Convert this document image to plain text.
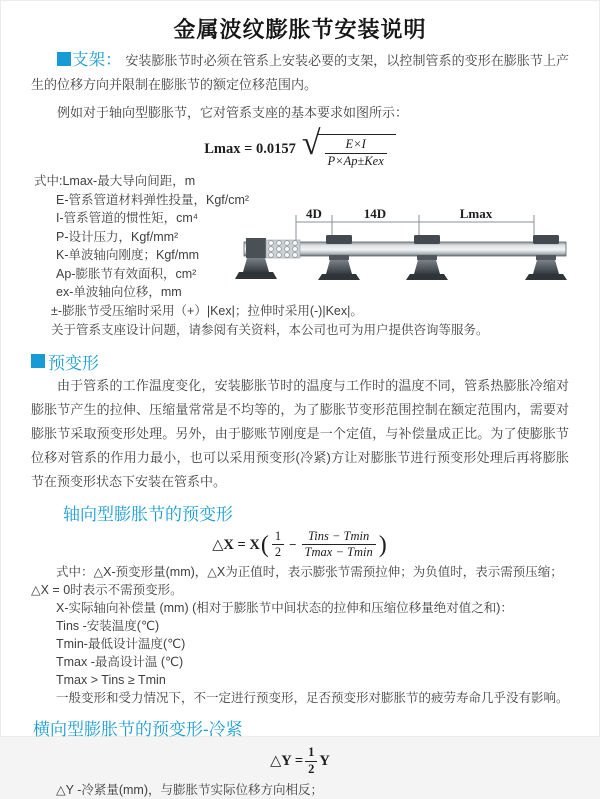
金属波纹膨胀节安装说明

支架： 安装膨胀节时必须在管系上安装必要的支架，以控制管系的变形在膨胀节上产生的位移方向并限制在膨胀节的额定位移范围内。

例如对于轴向型膨胀节，它对管系支座的基本要求如图所示：

Lmax = 0.0157 √ $\frac{E\times I}{\text{P×Ap±Kex}}$
式中:Lmax-最大导向间距，m
E-管系管道材料弹性投量，Kgf/cm²
I-管系管道的惯性矩，cm⁴
P-设计压力，Kgf/mm²
K-单波轴向刚度；Kgf/mm
Ap-膨胀节有效面积，cm²
ex-单波轴向位移，mm
±-膨胀节受压缩时采用（+）|Kex|；拉伸时采用(-)|Kex|。
关于管系支座设计问题，请参阅有关资料，本公司也可为用户提供咨询等服务。
4D	14D	Lmax
预变形

由于管系的工作温度变化，安装膨胀节时的温度与工作时的温度不同，管系热膨胀冷缩对膨胀节产生的拉伸、压缩量常常是不均等的，为了膨胀节变形范围控制在额定范围内，需要对膨胀节采取预变形处理。另外，由于膨账节刚度是一个定值，与补偿量成正比。为了使膨胀节位移对管系的作用力最小，也可以采用预变形(冷紧)方让对膨胀节进行预变形处理后再将膨胀节在预变形状态下安装在管系中。

轴向型膨胀节的预变形
△X = X ( $\frac{1}{2} - \frac{\text{Tins − Tmin}}{Tmax - Tmin}$ )
式中：△X-预变形量(mm)，△X为正值时，表示膨张节需预拉伸；为负值时，表示需预压缩；△X = 0时表示不需预变形。
X-实际轴向补偿量 (mm) (相对于膨胀节中间状态的拉伸和压缩位移量绝对值之和)：
Tins -安装温度(℃)
Tmin-最低设计温度(℃)
Tmax -最高设计温 (℃)
Tmax > Tins ≥ Tmin
一般变形和受力情况下，不一定进行预变形，足否预变形对膨胀节的疲劳寿命几乎没有影响。
横向型膨胀节的预变形-冷紧
△Y = $\frac{1}{2}$ Y
△Y -冷紧量(mm)，与膨胀节实际位移方向相反；
